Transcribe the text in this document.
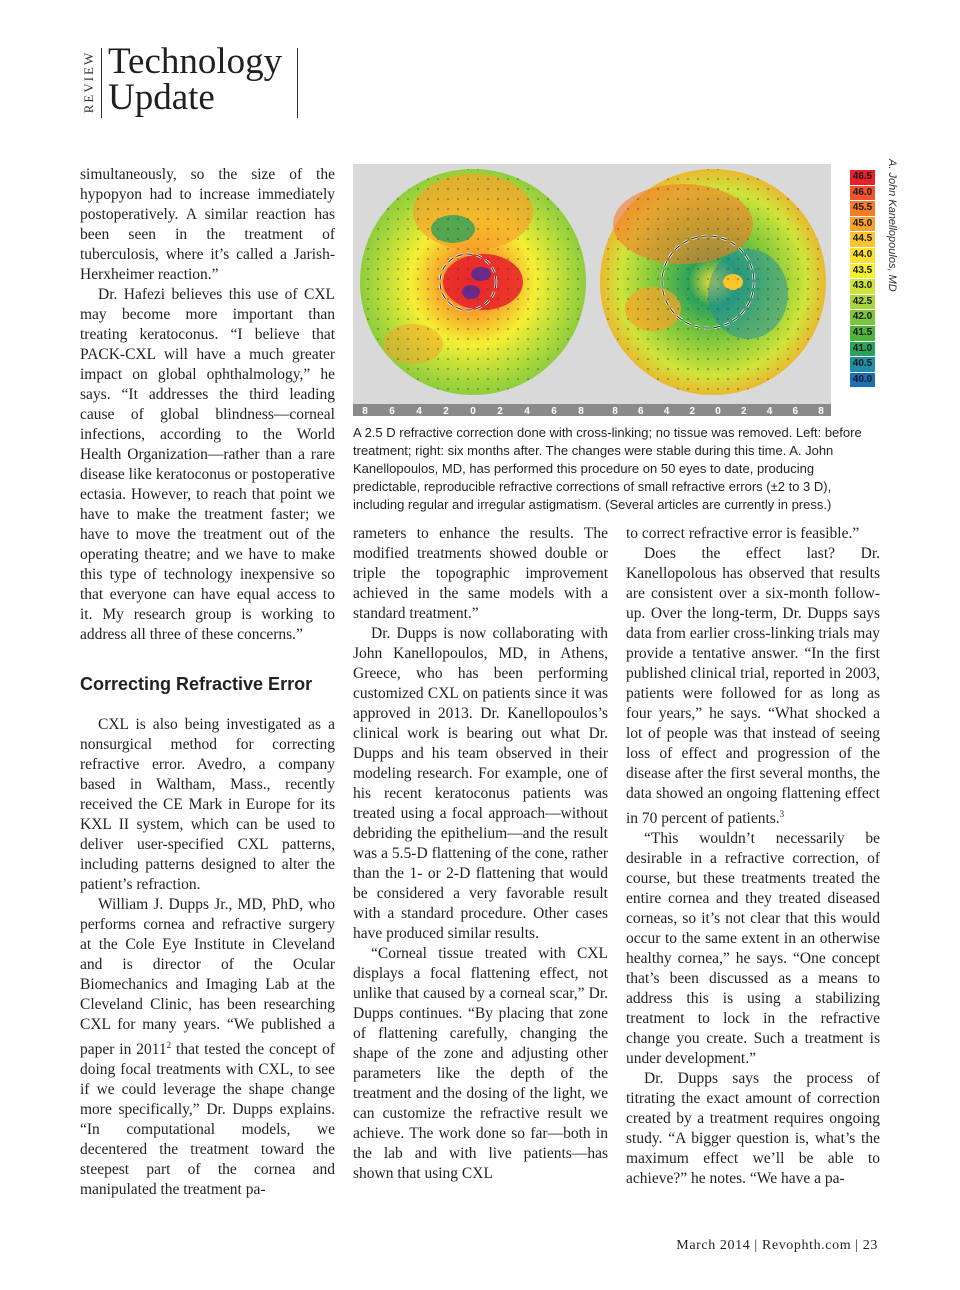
REVIEW Technology
Update
8 6 4 2 0 2 4 6 8	8 6 4 2 0 2 4 6 8
46.5
46.0
45.5
45.0
44.5
44.0
43.5
43.0
42.5
42.0
41.5
41.0
40.5
40.0
A. John Kanellopoulos, MD
A 2.5 D refractive correction done with cross-linking; no tissue was removed. Left: before treatment; right: six months after. The changes were stable during this time. A. John Kanellopoulos, MD, has performed this procedure on 50 eyes to date, producing predictable, reproducible refractive corrections of small refractive errors (±2 to 3 D), including regular and irregular astigmatism. (Several articles are currently in press.)

simultaneously, so the size of the hypopyon had to increase immediately postoperatively. A similar reaction has been seen in the treatment of tuberculosis, where it’s called a Jarish-Herxheimer reaction.”

Dr. Hafezi believes this use of CXL may become more important than treating keratoconus. “I believe that PACK-CXL will have a much greater impact on global ophthalmology,” he says. “It addresses the third leading cause of global blindness—corneal infections, according to the World Health Organization—rather than a rare disease like keratoconus or postoperative ectasia. However, to reach that point we have to make the treatment faster; we have to move the treatment out of the operating theatre; and we have to make this type of technology inexpensive so that everyone can have equal access to it. My research group is working to address all three of these concerns.”

Correcting Refractive Error

CXL is also being investigated as a nonsurgical method for correcting refractive error. Avedro, a company based in Waltham, Mass., recently received the CE Mark in Europe for its KXL II system, which can be used to deliver user-specified CXL patterns, including patterns designed to alter the patient’s refraction.

William J. Dupps Jr., MD, PhD, who performs cornea and refractive surgery at the Cole Eye Institute in Cleveland and is director of the Ocular Biomechanics and Imaging Lab at the Cleveland Clinic, has been researching CXL for many years. “We published a paper in 2011$^2$ that tested the concept of doing focal treatments with CXL, to see if we could leverage the shape change more specifically,” Dr. Dupps explains. “In computational models, we decentered the treatment toward the steepest part of the cornea and manipulated the treatment pa-

rameters to enhance the results. The modified treatments showed double or triple the topographic improvement achieved in the same models with a standard treatment.”

Dr. Dupps is now collaborating with John Kanellopoulos, MD, in Athens, Greece, who has been performing customized CXL on patients since it was approved in 2013. Dr. Kanellopoulos’s clinical work is bearing out what Dr. Dupps and his team observed in their modeling research. For example, one of his recent keratoconus patients was treated using a focal approach—without debriding the epithelium—and the result was a 5.5-D flattening of the cone, rather than the 1- or 2-D flattening that would be considered a very favorable result with a standard procedure. Other cases have produced similar results.

“Corneal tissue treated with CXL displays a focal flattening effect, not unlike that caused by a corneal scar,” Dr. Dupps continues. “By placing that zone of flattening carefully, changing the shape of the zone and adjusting other parameters like the depth of the treatment and the dosing of the light, we can customize the refractive result we achieve. The work done so far—both in the lab and with live patients—has shown that using CXL

to correct refractive error is feasible.”

Does the effect last? Dr. Kanellopolous has observed that results are consistent over a six-month follow-up. Over the long-term, Dr. Dupps says data from earlier cross-linking trials may provide a tentative answer. “In the first published clinical trial, reported in 2003, patients were followed for as long as four years,” he says. “What shocked a lot of people was that instead of seeing loss of effect and progression of the disease after the first several months, the data showed an ongoing flattening effect in 70 percent of patients.$^3$

“This wouldn’t necessarily be desirable in a refractive correction, of course, but these treatments treated the entire cornea and they treated diseased corneas, so it’s not clear that this would occur to the same extent in an otherwise healthy cornea,” he says. “One concept that’s been discussed as a means to address this is using a stabilizing treatment to lock in the refractive change you create. Such a treatment is under development.”

Dr. Dupps says the process of titrating the exact amount of correction created by a treatment requires ongoing study. “A bigger question is, what’s the maximum effect we’ll be able to achieve?” he notes. “We have a pa-

March 2014 | Revophth.com | 23
